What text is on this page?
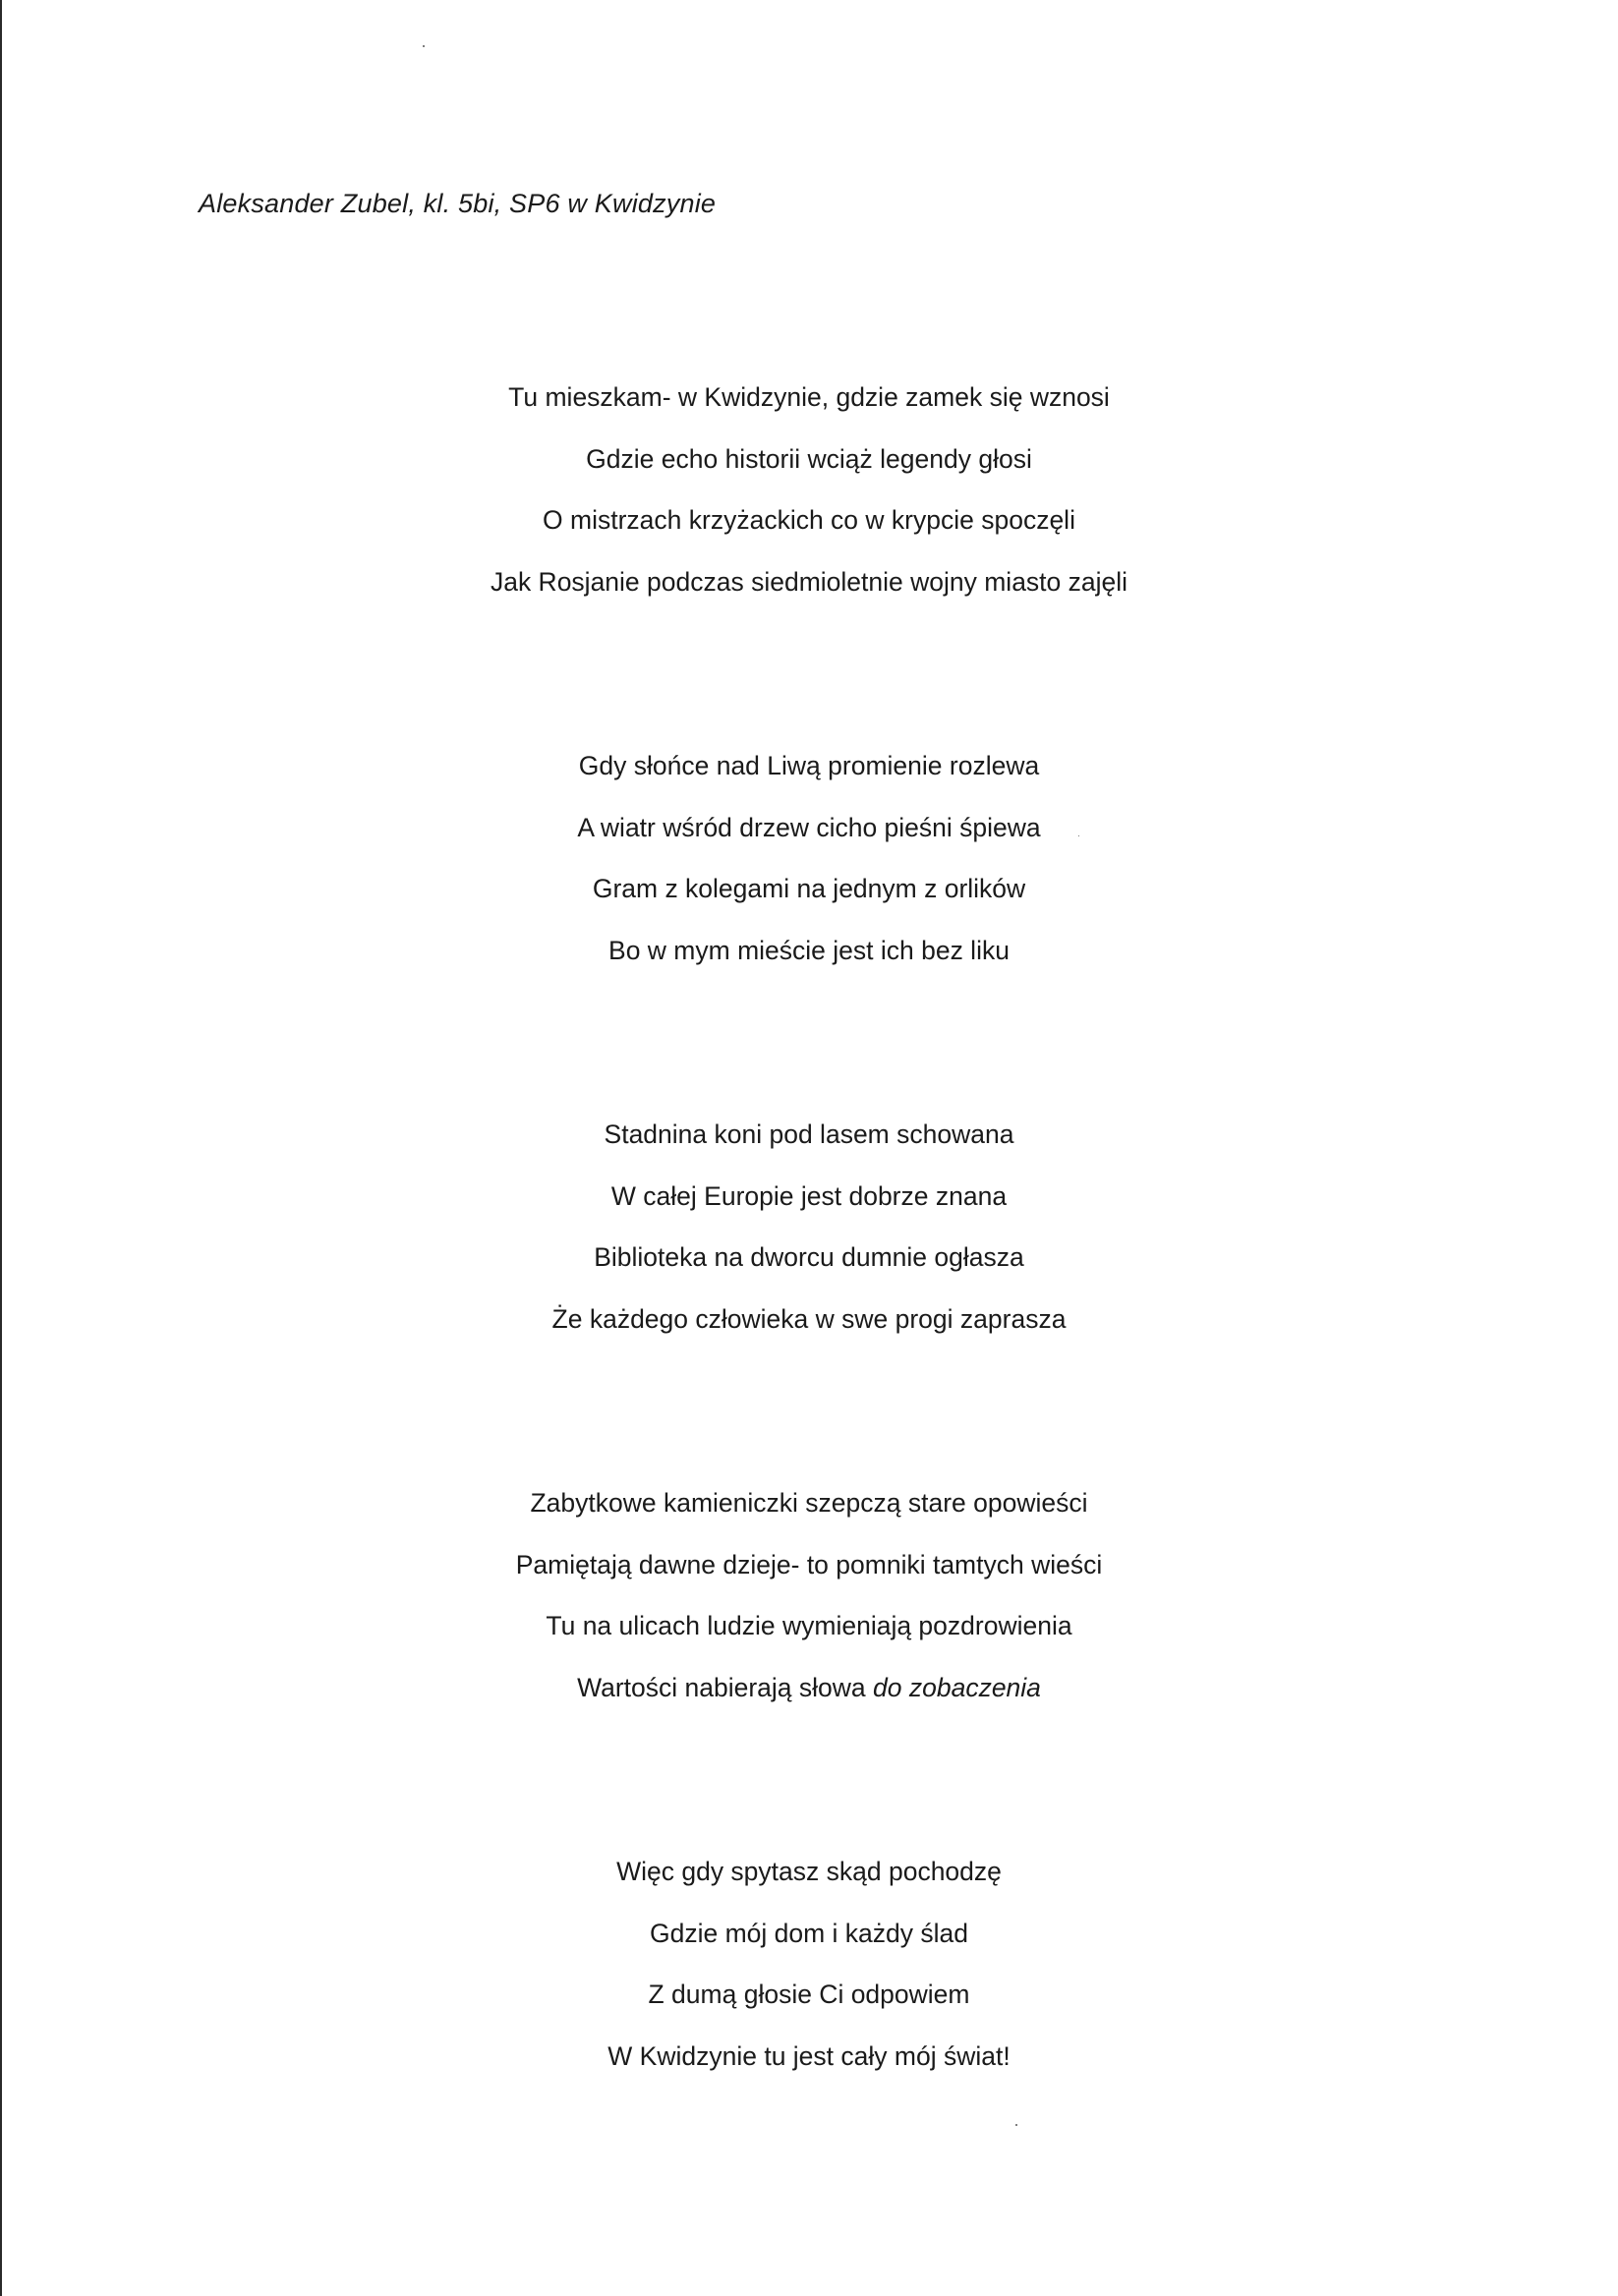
Aleksander Zubel, kl. 5bi, SP6 w Kwidzynie
Tu mieszkam- w Kwidzynie, gdzie zamek się wznosi
Gdzie echo historii wciąż legendy głosi
O mistrzach krzyżackich co w krypcie spoczęli
Jak Rosjanie podczas siedmioletnie wojny miasto zajęli
Gdy słońce nad Liwą promienie rozlewa
A wiatr wśród drzew cicho pieśni śpiewa
Gram z kolegami na jednym z orlików
Bo w mym mieście jest ich bez liku
Stadnina koni pod lasem schowana
W całej Europie jest dobrze znana
Biblioteka na dworcu dumnie ogłasza
Że każdego człowieka w swe progi zaprasza
Zabytkowe kamieniczki szepczą stare opowieści
Pamiętają dawne dzieje- to pomniki tamtych wieści
Tu na ulicach ludzie wymieniają pozdrowienia
Wartości nabierają słowa do zobaczenia
Więc gdy spytasz skąd pochodzę
Gdzie mój dom i każdy ślad
Z dumą głosie Ci odpowiem
W Kwidzynie tu jest cały mój świat!
